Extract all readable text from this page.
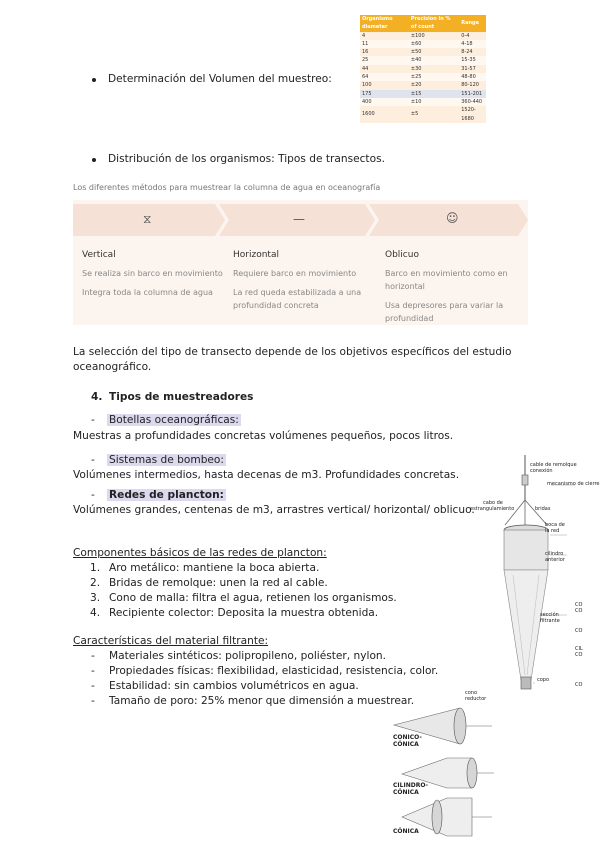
Organismo diameter	Precision in % of count	Range
4	±100	0-4
11	±60	4-18
16	±50	8-24
25	±40	15-35
44	±30	31-57
64	±25	48-80
100	±20	80-120
175	±15	151-201
400	±10	360-440
1600	±5	1520-1680
Determinación del Volumen del muestreo:
Distribución de los organismos: Tipos de transectos.
Los diferentes métodos para muestrear la columna de agua en oceanografía
⧖	—	☺
Vertical
Se realiza sin barco en movimiento
Integra toda la columna de agua
Horizontal
Requiere barco en movimiento
La red queda estabilizada a una
profundidad concreta
Oblicuo
Barco en movimiento como en
horizontal
Usa depresores para variar la
profundidad
La selección del tipo de transecto depende de los objetivos específicos del estudio
oceanográfico.
4. Tipos de muestreadores
- Botellas oceanográficas:
Muestras a profundidades concretas volúmenes pequeños, pocos litros.
- Sistemas de bombeo:
Volúmenes intermedios, hasta decenas de m3. Profundidades concretas.
- Redes de plancton:
Volúmenes grandes, centenas de m3, arrastres vertical/ horizontal/ oblicuo.
Componentes básicos de las redes de plancton:
1. Aro metálico: mantiene la boca abierta.
2. Bridas de remolque: unen la red al cable.
3. Cono de malla: filtra el agua, retienen los organismos.
4. Recipiente colector: Deposita la muestra obtenida.
Características del material filtrante:
- Materiales sintéticos: polipropileno, poliéster, nylon.
- Propiedades físicas: flexibilidad, elasticidad, resistencia, color.
- Estabilidad: sin cambios volumétricos en agua.
- Tamaño de poro: 25% menor que dimensión a muestrear.
cable de remolque
conexión
mecanismo de cierre
cabo de
estrangulamiento	bridas
boca de
la red
cilindro
anterior
sección
filtrante
copo
CO
CO
CO
CIL
CO
CO
cono
reductor
CONICO-
CÓNICA
CILINDRO-
CÓNICA
CÓNICA
